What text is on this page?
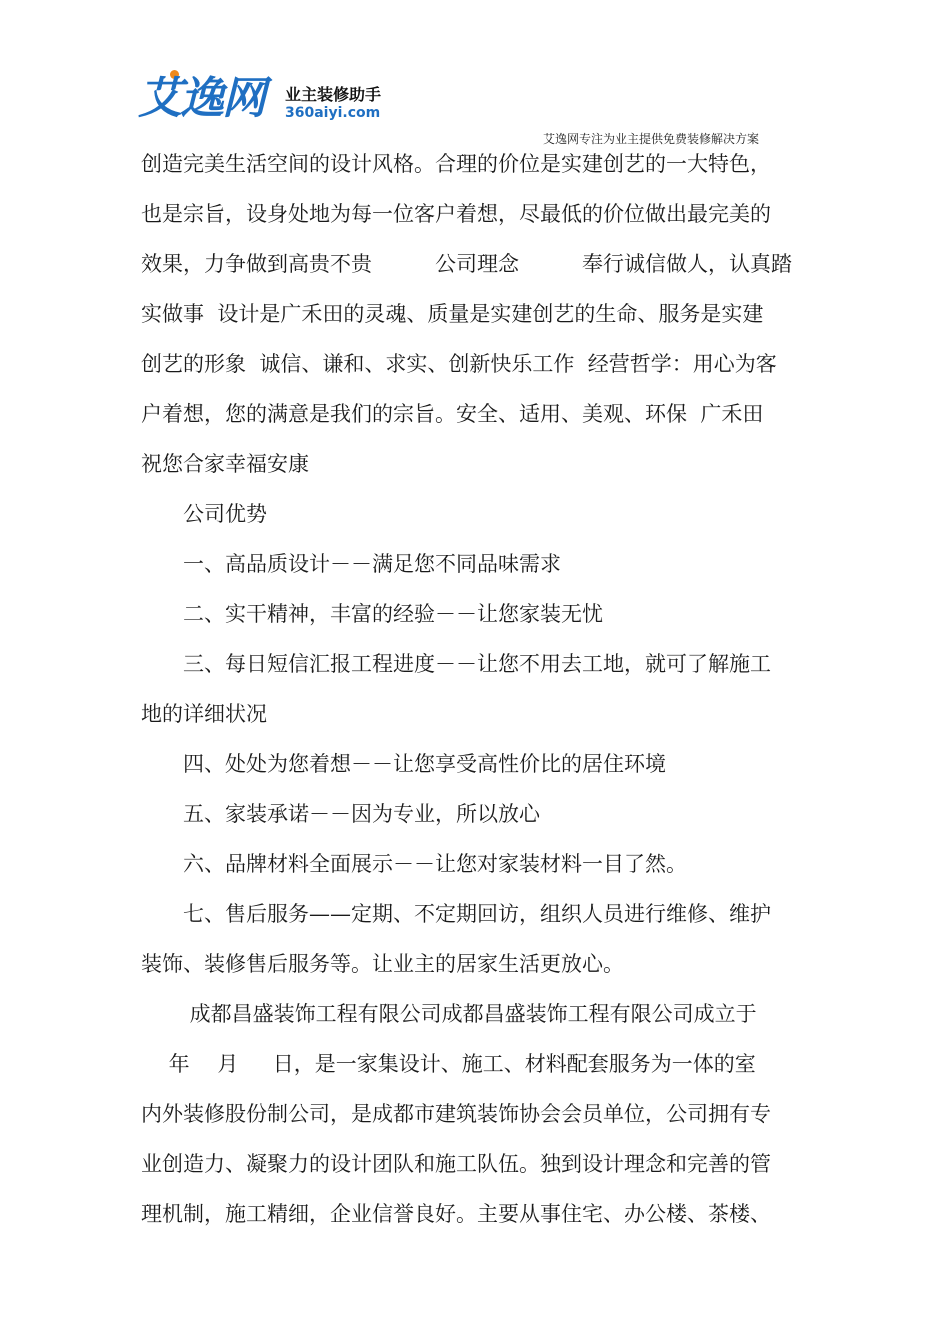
艾逸网 业主装修助手
360aiyi.com
艾逸网专注为业主提供免费装修解决方案
创造完美生活空间的设计风格。合理的价位是实建创艺的一大特色，
也是宗旨，设身处地为每一位客户着想，尽最低的价位做出最完美的
效果，力争做到高贵不贵　　　公司理念　　　奉行诚信做人，认真踏
实做事  设计是广禾田的灵魂、质量是实建创艺的生命、服务是实建
创艺的形象  诚信、谦和、求实、创新快乐工作  经营哲学：用心为客
户着想，您的满意是我们的宗旨。安全、适用、美观、环保  广禾田
祝您合家幸福安康
　　公司优势
　　一、高品质设计－－满足您不同品味需求
　　二、实干精神，丰富的经验－－让您家装无忧
　　三、每日短信汇报工程进度－－让您不用去工地，就可了解施工
地的详细状况
　　四、处处为您着想－－让您享受高性价比的居住环境
　　五、家装承诺－－因为专业，所以放心
　　六、品牌材料全面展示－－让您对家装材料一目了然。
　　七、售后服务——定期、不定期回访，组织人员进行维修、维护
装饰、装修售后服务等。让业主的居家生活更放心。
　　 成都昌盛装饰工程有限公司成都昌盛装饰工程有限公司成立于
　 年　 月　  日，是一家集设计、施工、材料配套服务为一体的室
内外装修股份制公司，是成都市建筑装饰协会会员单位，公司拥有专
业创造力、凝聚力的设计团队和施工队伍。独到设计理念和完善的管
理机制，施工精细，企业信誉良好。主要从事住宅、办公楼、茶楼、
